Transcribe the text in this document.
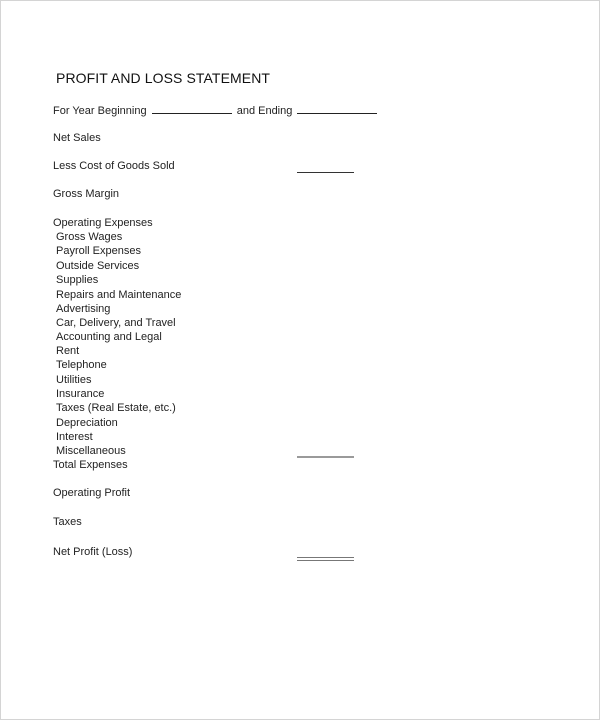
PROFIT AND LOSS STATEMENT
For Year Beginning	and Ending
Net Sales
Less Cost of Goods Sold
Gross Margin
Operating Expenses
Gross Wages
Payroll Expenses
Outside Services
Supplies
Repairs and Maintenance
Advertising
Car, Delivery, and Travel
Accounting and Legal
Rent
Telephone
Utilities
Insurance
Taxes (Real Estate, etc.)
Depreciation
Interest
Miscellaneous
Total Expenses
Operating Profit
Taxes
Net Profit (Loss)
